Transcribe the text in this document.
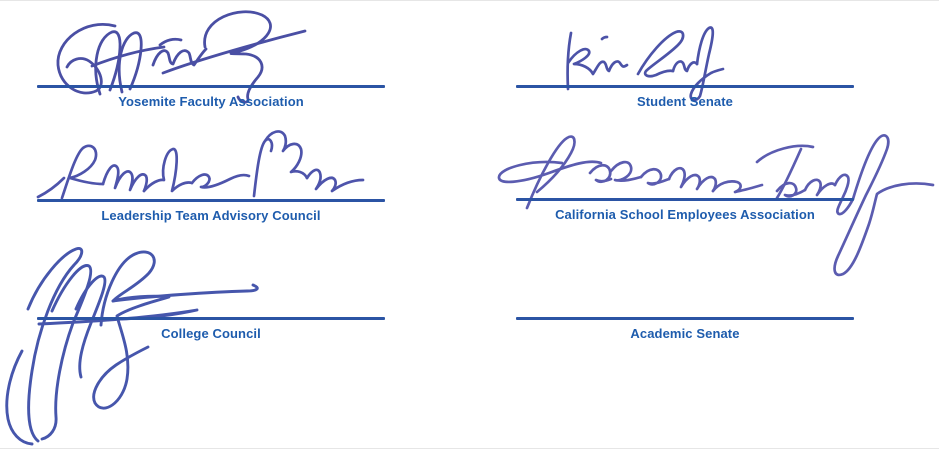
Yosemite Faculty Association	Student Senate
Leadership Team Advisory Council	California School Employees Association
College Council	Academic Senate
